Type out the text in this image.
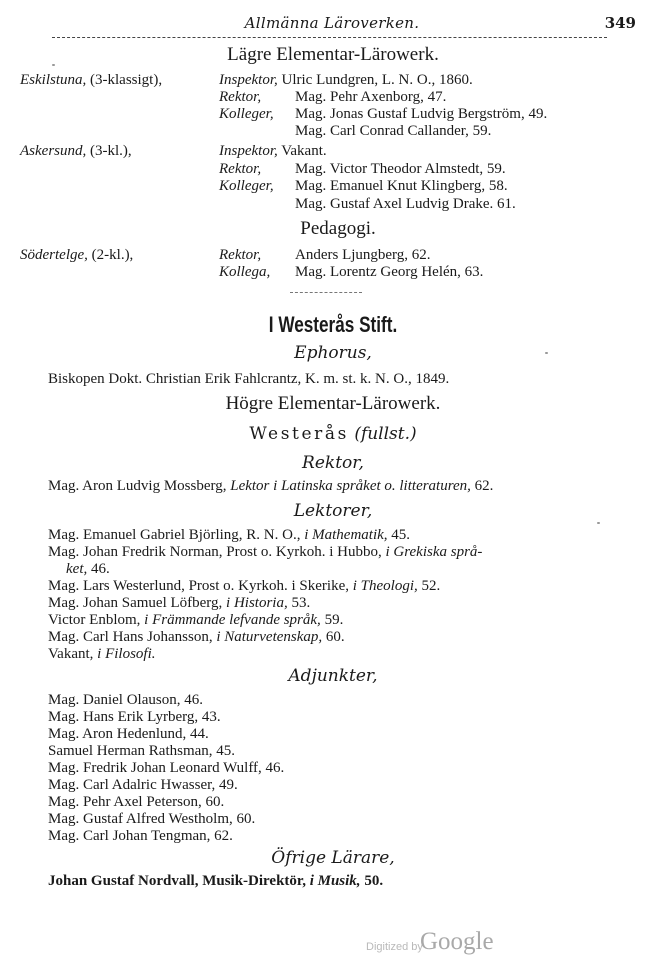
Allmänna Läroverken.	349
Lägre Elementar-Lärowerk.
Eskilstuna, (3-klassigt),	Inspektor, Ulric Lundgren, L. N. O., 1860.
Rektor, Mag. Pehr Axenborg, 47.
Kolleger, Mag. Jonas Gustaf Ludvig Bergström, 49.
Mag. Carl Conrad Callander, 59.
Askersund, (3-kl.),	Inspektor, Vakant.
Rektor, Mag. Victor Theodor Almstedt, 59.
Kolleger, Mag. Emanuel Knut Klingberg, 58.
Mag. Gustaf Axel Ludvig Drake. 61.
Pedagogi.
Södertelge, (2-kl.),	Rektor, Anders Ljungberg, 62.
Kollega, Mag. Lorentz Georg Helén, 63.
I Westerås Stift.
Ephorus,
Biskopen Dokt. Christian Erik Fahlcrantz, K. m. st. k. N. O., 1849.
Högre Elementar-Lärowerk.
Westerås (fullst.)
Rektor,
Mag. Aron Ludvig Mossberg, Lektor i Latinska språket o. litteraturen, 62.
Lektorer,
Mag. Emanuel Gabriel Björling, R. N. O., i Mathematik, 45.
Mag. Johan Fredrik Norman, Prost o. Kyrkoh. i Hubbo, i Grekiska språ-
ket, 46.
Mag. Lars Westerlund, Prost o. Kyrkoh. i Skerike, i Theologi, 52.
Mag. Johan Samuel Löfberg, i Historia, 53.
Victor Enblom, i Främmande lefvande språk, 59.
Mag. Carl Hans Johansson, i Naturvetenskap, 60.
Vakant, i Filosofi.
Adjunkter,
Mag. Daniel Olauson, 46.
Mag. Hans Erik Lyrberg, 43.
Mag. Aron Hedenlund, 44.
Samuel Herman Rathsman, 45.
Mag. Fredrik Johan Leonard Wulff, 46.
Mag. Carl Adalric Hwasser, 49.
Mag. Pehr Axel Peterson, 60.
Mag. Gustaf Alfred Westholm, 60.
Mag. Carl Johan Tengman, 62.
Öfrige Lärare,
Johan Gustaf Nordvall, Musik-Direktör, i Musik, 50.
Digitized by
Google
